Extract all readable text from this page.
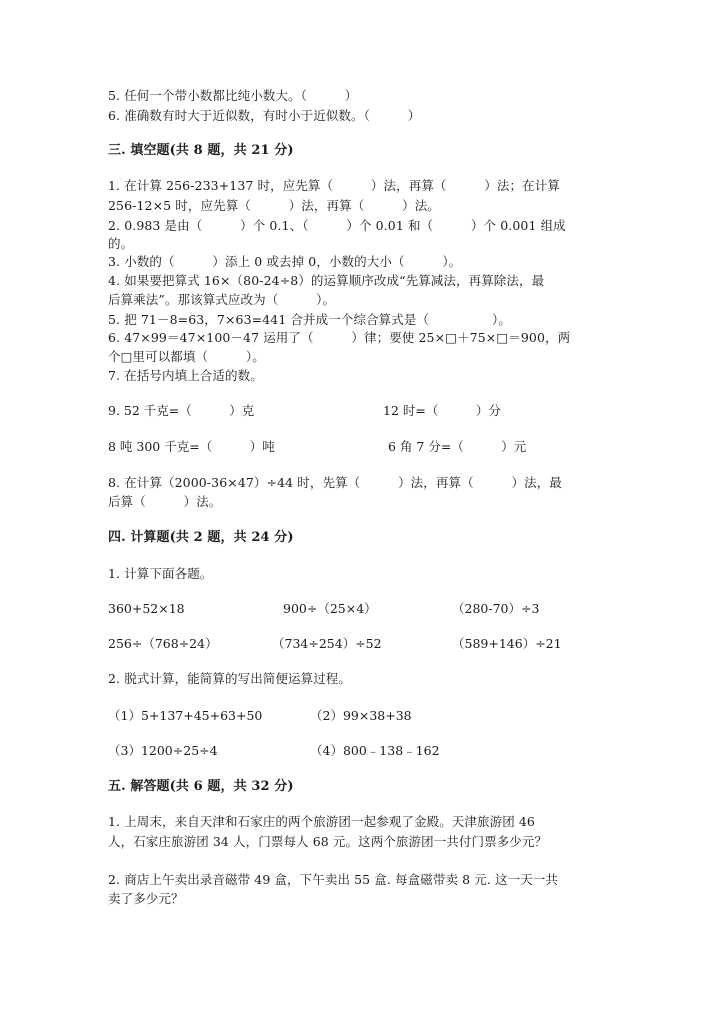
5. 任何一个带小数都比纯小数大。（　　　）
6. 准确数有时大于近似数，有时小于近似数。（　　　）
三. 填空题(共 8 题，共 21 分)
1. 在计算 256-233+137 时，应先算（　　　）法，再算（　　　）法；在计算
256-12×5 时，应先算（　　　）法，再算（　　　）法。
2. 0.983 是由（　　　）个 0.1、（　　　）个 0.01 和（　　　）个 0.001 组成
的。
3. 小数的（　　　）添上 0 或去掉 0，小数的大小（　　　）。
4. 如果要把算式 16×（80-24÷8）的运算顺序改成“先算减法，再算除法，最
后算乘法”。那该算式应改为（　　　）。
5. 把 71－8=63，7×63=441 合并成一个综合算式是（　　　　　）。
6. 47×99＝47×100－47 运用了（　　　）律；要使 25×□＋75×□＝900，两
个□里可以都填（　　　）。
7. 在括号内填上合适的数。
9. 52 千克=（　　　）克	12 时=（　　　）分
8 吨 300 千克=（　　　）吨	6 角 7 分=（　　　）元
8. 在计算（2000-36×47）÷44 时，先算（　　　）法，再算（　　　）法，最
后算（　　　）法。
四. 计算题(共 2 题，共 24 分)
1. 计算下面各题。
360+52×18	900÷（25×4）	（280-70）÷3
256÷（768÷24）	（734÷254）÷52	（589+146）÷21
2. 脱式计算，能简算的写出简便运算过程。
（1）5+137+45+63+50	（2）99×38+38
（3）1200÷25÷4	（4）800﹣138﹣162
五. 解答题(共 6 题，共 32 分)
1. 上周末，来自天津和石家庄的两个旅游团一起参观了金殿。天津旅游团 46
人，石家庄旅游团 34 人，门票每人 68 元。这两个旅游团一共付门票多少元？
2. 商店上午卖出录音磁带 49 盒，下午卖出 55 盒. 每盒磁带卖 8 元. 这一天一共
卖了多少元？
